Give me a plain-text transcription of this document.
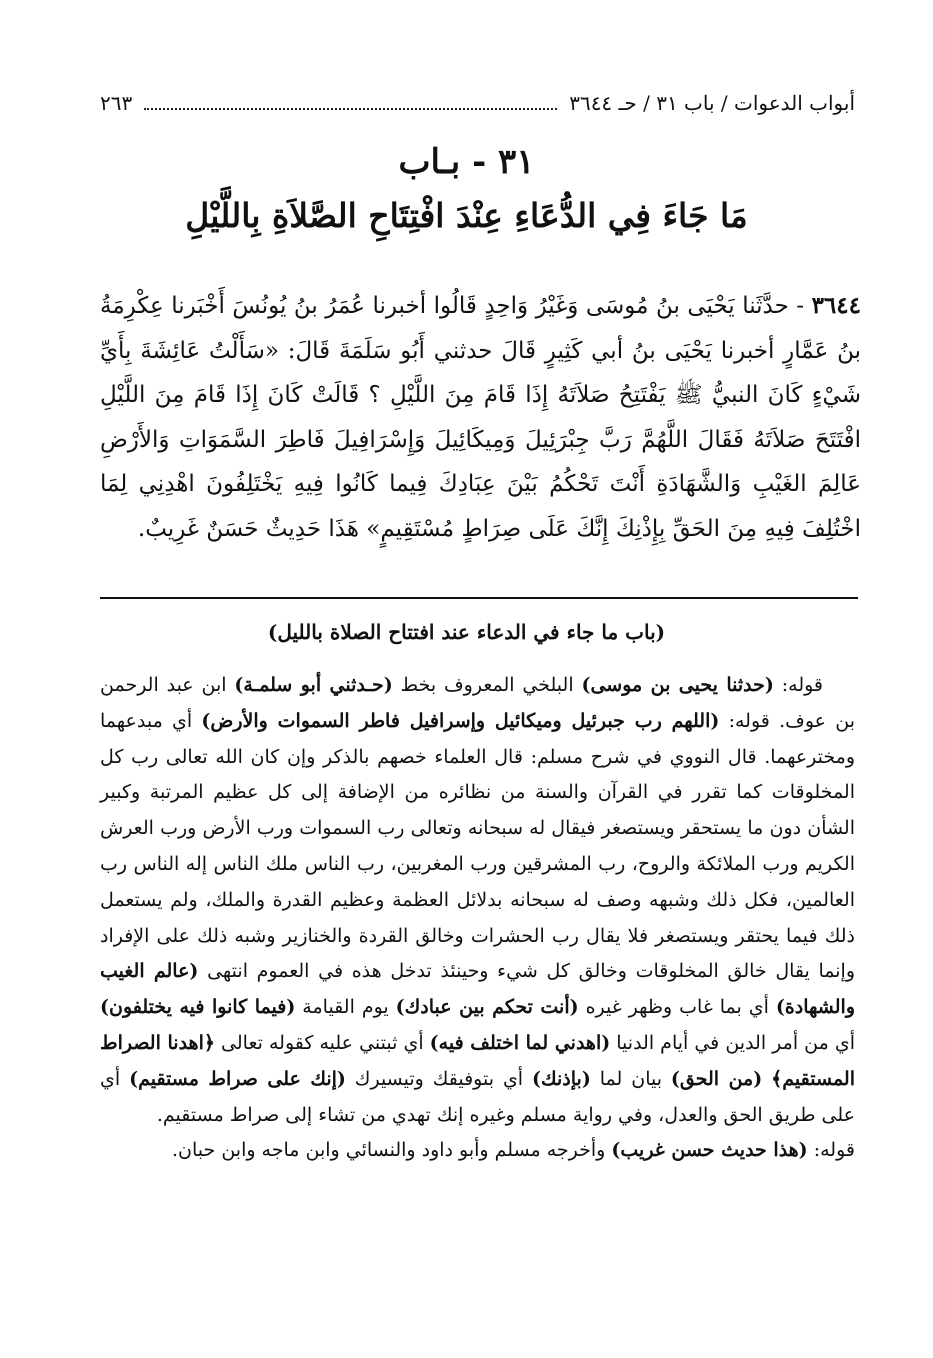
أبواب الدعوات / باب ٣١ / حـ ٣٦٤٤
٢٦٣
٣١ - بـاب
مَا جَاءَ فِي الدُّعَاءِ عِنْدَ افْتِتَاحِ الصَّلاَةِ بِاللَّيْلِ
٣٦٤٤ - حدَّثَنا يَحْيَى بنُ مُوسَى وَغَيْرُ وَاحِدٍ قَالُوا أخبرنا عُمَرُ بنُ يُونُسَ أَخْبَرنا عِكْرِمَةُ بنُ عَمَّارٍ أخبرنا يَحْيَى بنُ أبي كَثِيرٍ قَالَ حدثني أَبُو سَلَمَةَ قَالَ: «سَأَلْتُ عَائِشَةَ بِأَيِّ شَيْءٍ كَانَ النبيُّ ﷺ يَفْتَتِحُ صَلاَتَهُ إِذَا قَامَ مِنَ اللَّيْلِ ؟ قَالَتْ كَانَ إِذَا قَامَ مِنَ اللَّيْلِ افْتَتَحَ صَلاَتَهُ فَقَالَ اللَّهُمَّ رَبَّ جِبْرَئِيلَ وَمِيكَائِيلَ وَإِسْرَافِيلَ فَاطِرَ السَّمَوَاتِ وَالأَرْضِ عَالِمَ الغَيْبِ وَالشَّهَادَةِ أَنْتَ تَحْكُمُ بَيْنَ عِبَادِكَ فِيما كَانُوا فِيهِ يَخْتَلِفُونَ اهْدِنِي لِمَا اخْتُلِفَ فِيهِ مِنَ الحَقِّ بِإِذْنِكَ إِنَّكَ عَلَى صِرَاطٍ مُسْتَقِيمٍ» هَذَا حَدِيثٌ حَسَنٌ غَرِيبٌ.
(باب ما جاء في الدعاء عند افتتاح الصلاة بالليل)

قوله: (حدثنا يحيى بن موسى) البلخي المعروف بخط (حـدثني أبو سلمـة) ابن عبد الرحمن بن عوف. قوله: (اللهم رب جبرئيل وميكائيل وإسرافيل فاطر السموات والأرض) أي مبدعهما ومخترعهما. قال النووي في شرح مسلم: قال العلماء خصهم بالذكر وإن كان الله تعالى رب كل المخلوقات كما تقرر في القرآن والسنة من نظائره من الإضافة إلى كل عظيم المرتبة وكبير الشأن دون ما يستحقر ويستصغر فيقال له سبحانه وتعالى رب السموات ورب الأرض ورب العرش الكريم ورب الملائكة والروح، رب المشرقين ورب المغربين، رب الناس ملك الناس إله الناس رب العالمين، فكل ذلك وشبهه وصف له سبحانه بدلائل العظمة وعظيم القدرة والملك، ولم يستعمل ذلك فيما يحتقر ويستصغر فلا يقال رب الحشرات وخالق القردة والخنازير وشبه ذلك على الإفراد وإنما يقال خالق المخلوقات وخالق كل شيء وحينئذ تدخل هذه في العموم انتهى (عالم الغيب والشهادة) أي بما غاب وظهر غيره (أنت تحكم بين عبادك) يوم القيامة (فيما كانوا فيه يختلفون) أي من أمر الدين في أيام الدنيا (اهدني لما اختلف فيه) أي ثبتني عليه كقوله تعالى ﴿اهدنا الصراط المستقيم﴾ (من الحق) بيان لما (بإذنك) أي بتوفيقك وتيسيرك (إنك على صراط مستقيم) أي على طريق الحق والعدل، وفي رواية مسلم وغيره إنك تهدي من تشاء إلى صراط مستقيم.

قوله: (هذا حديث حسن غريب) وأخرجه مسلم وأبو داود والنسائي وابن ماجه وابن حبان.
